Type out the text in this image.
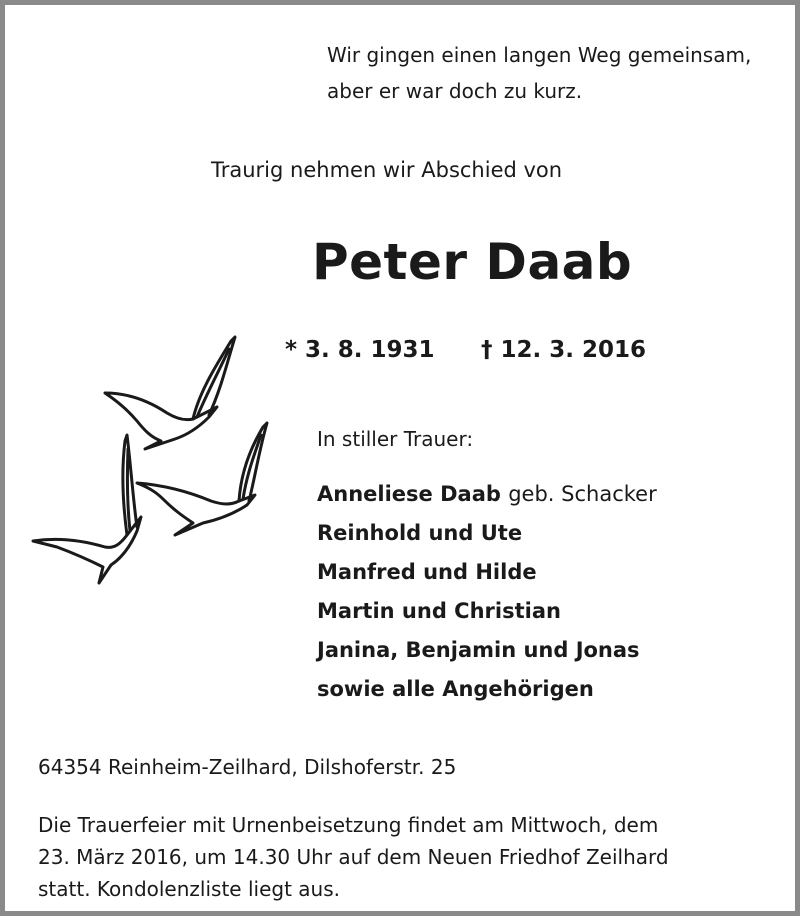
Wir gingen einen langen Weg gemeinsam,
aber er war doch zu kurz.
Traurig nehmen wir Abschied von
Peter Daab
* 3. 8. 1931 † 12. 3. 2016
In stiller Trauer:
Anneliese Daab geb. Schacker
Reinhold und Ute
Manfred und Hilde
Martin und Christian
Janina, Benjamin und Jonas
sowie alle Angehörigen
64354 Reinheim-Zeilhard, Dilshoferstr. 25
Die Trauerfeier mit Urnenbeisetzung findet am Mittwoch, dem
23. März 2016, um 14.30 Uhr auf dem Neuen Friedhof Zeilhard
statt. Kondolenzliste liegt aus.
